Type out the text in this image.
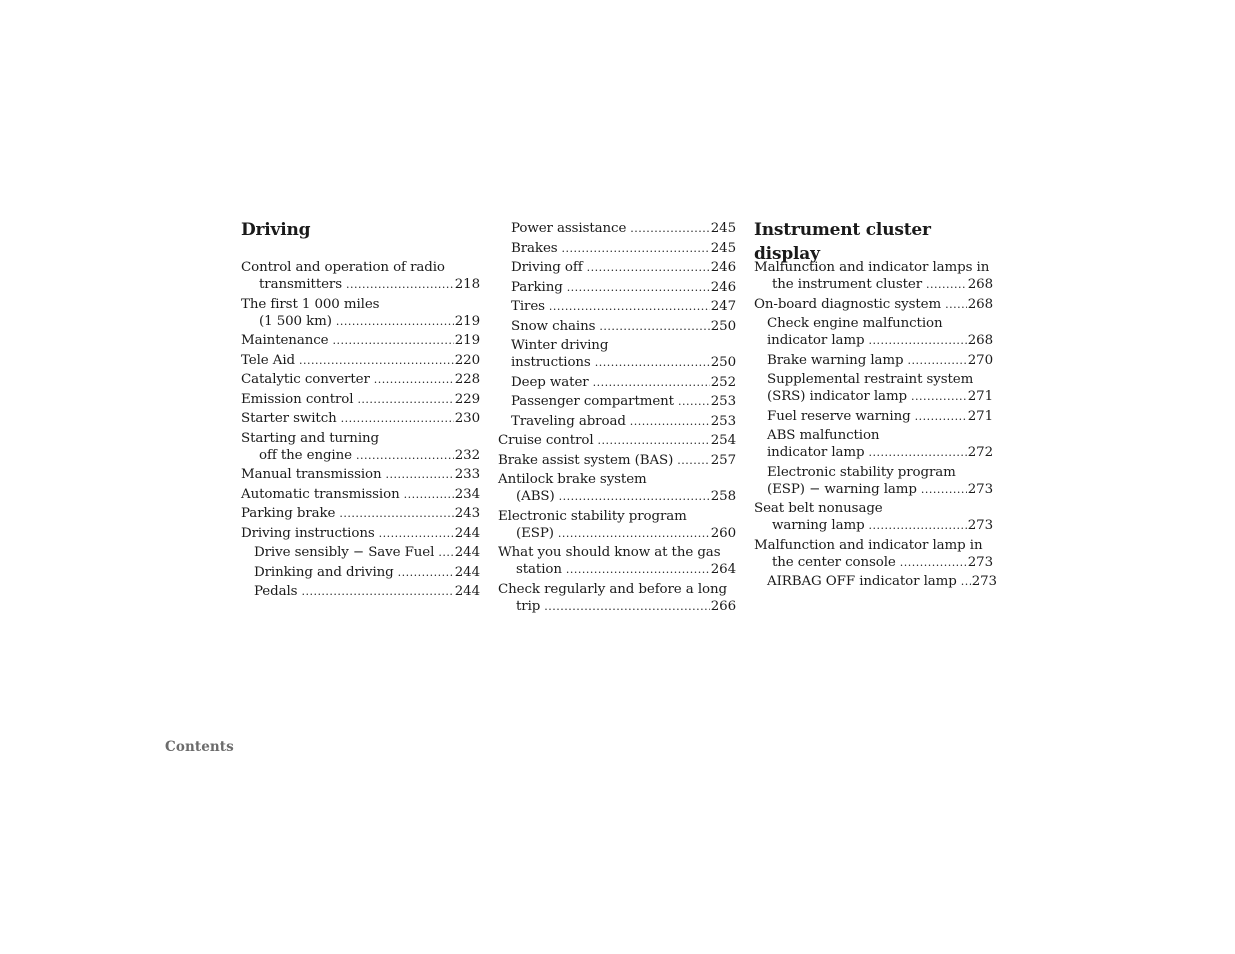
Driving
Control and operation of radio
transmitters .....	218
The first 1 000 miles
(1 500 km) .....	219
Maintenance .....	219
Tele Aid .....	220
Catalytic converter .....	228
Emission control .....	229
Starter switch .....	230
Starting and turning
off the engine .....	232
Manual transmission .....	233
Automatic transmission .....	234
Parking brake .....	243
Driving instructions .....	244
Drive sensibly − Save Fuel ..... 244
Drinking and driving .....	244
Pedals .....	244
Power assistance .....	245
Brakes .....	245
Driving off .....	246
Parking .....	246
Tires .....	247
Snow chains .....	250
Winter driving
instructions .....	250
Deep water .....	252
Passenger compartment .....	253
Traveling abroad .....	253
Cruise control .....	254
Brake assist system (BAS) .....	257
Antilock brake system
(ABS) .....	258
Electronic stability program
(ESP) .....	260
What you should know at the gas
station .....	264
Check regularly and before a long
trip .....	266
Instrument cluster display
Malfunction and indicator lamps in
the instrument cluster .....	268
On-board diagnostic system ..... 268
Check engine malfunction
indicator lamp .....	268
Brake warning lamp .....	270
Supplemental restraint system
(SRS) indicator lamp .....	271
Fuel reserve warning .....	271
ABS malfunction
indicator lamp .....	272
Electronic stability program
(ESP) − warning lamp .....	273
Seat belt nonusage
warning lamp .....	273
Malfunction and indicator lamp in
the center console .....	273
AIRBAG OFF indicator lamp ..... 273
Contents
